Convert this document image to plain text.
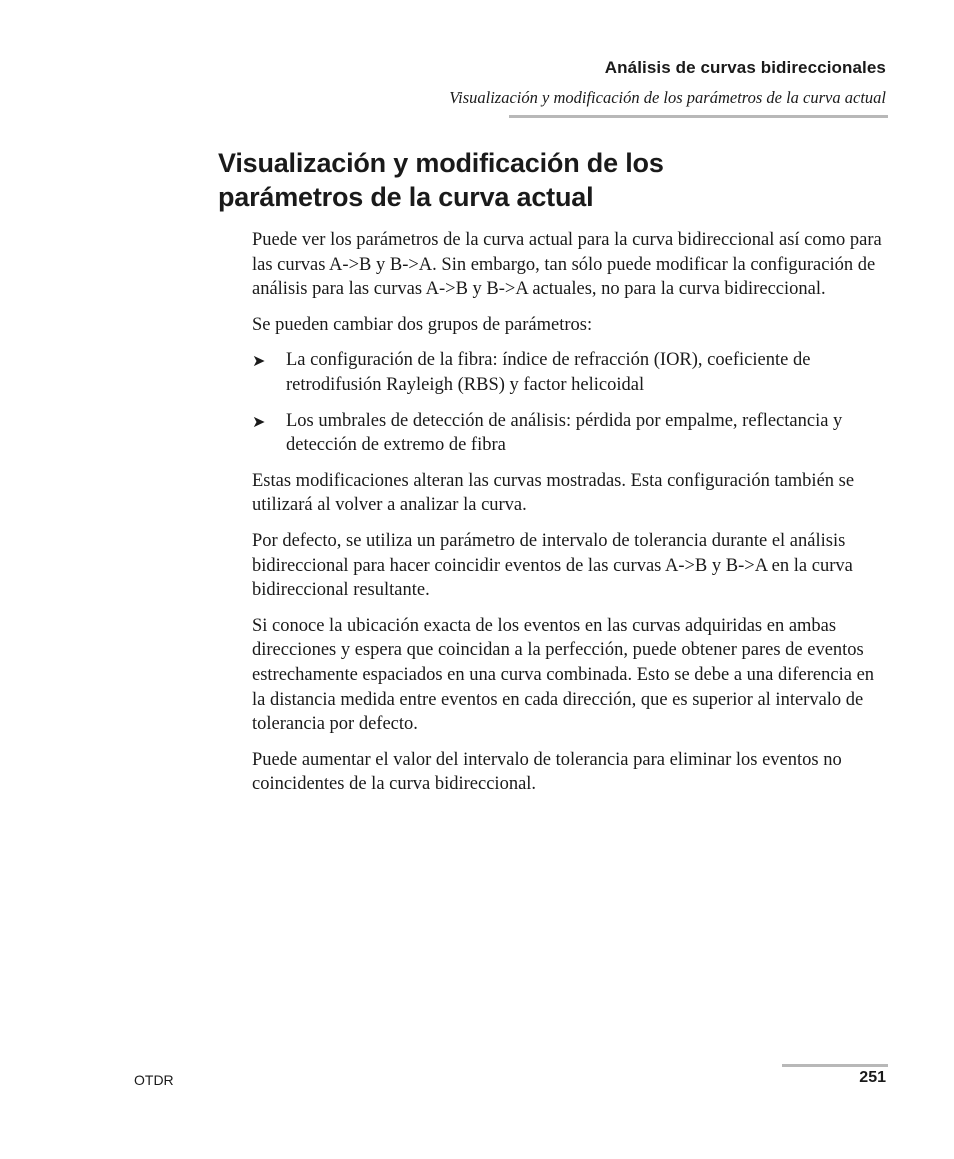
Análisis de curvas bidireccionales
Visualización y modificación de los parámetros de la curva actual
Visualización y modificación de los
parámetros de la curva actual

Puede ver los parámetros de la curva actual para la curva bidireccional así como para las curvas A->B y B->A. Sin embargo, tan sólo puede modificar la configuración de análisis para las curvas A->B y B->A actuales, no para la curva bidireccional.

Se pueden cambiar dos grupos de parámetros:

➤ La configuración de la fibra: índice de refracción (IOR), coeficiente de retrodifusión Rayleigh (RBS) y factor helicoidal
➤ Los umbrales de detección de análisis: pérdida por empalme, reflectancia y detección de extremo de fibra

Estas modificaciones alteran las curvas mostradas. Esta configuración también se utilizará al volver a analizar la curva.

Por defecto, se utiliza un parámetro de intervalo de tolerancia durante el análisis bidireccional para hacer coincidir eventos de las curvas A->B y B->A en la curva bidireccional resultante.

Si conoce la ubicación exacta de los eventos en las curvas adquiridas en ambas direcciones y espera que coincidan a la perfección, puede obtener pares de eventos estrechamente espaciados en una curva combinada. Esto se debe a una diferencia en la distancia medida entre eventos en cada dirección, que es superior al intervalo de tolerancia por defecto.

Puede aumentar el valor del intervalo de tolerancia para eliminar los eventos no coincidentes de la curva bidireccional.

OTDR	251
